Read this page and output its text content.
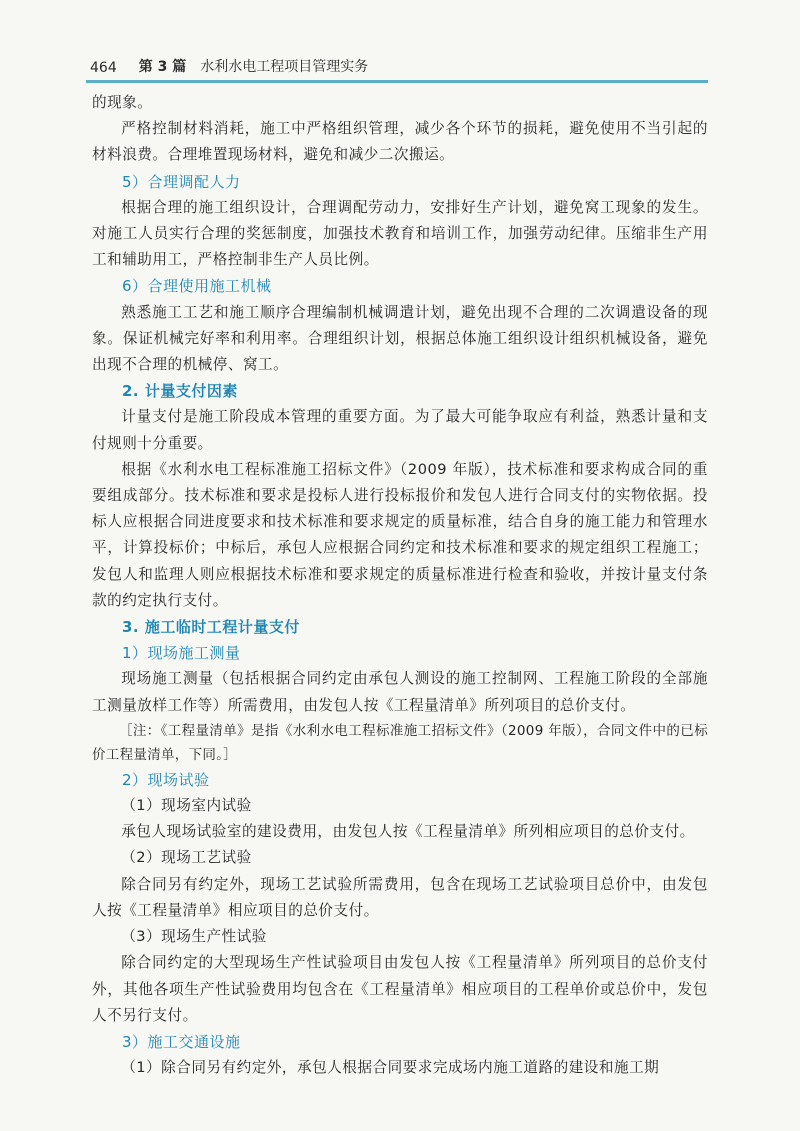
464 第 3 篇 水利水电工程项目管理实务

的现象。

严格控制材料消耗，施工中严格组织管理，减少各个环节的损耗，避免使用不当引起的材料浪费。合理堆置现场材料，避免和减少二次搬运。

5）合理调配人力

根据合理的施工组织设计，合理调配劳动力，安排好生产计划，避免窝工现象的发生。对施工人员实行合理的奖惩制度，加强技术教育和培训工作，加强劳动纪律。压缩非生产用工和辅助用工，严格控制非生产人员比例。

6）合理使用施工机械

熟悉施工工艺和施工顺序合理编制机械调遣计划，避免出现不合理的二次调遣设备的现象。保证机械完好率和利用率。合理组织计划，根据总体施工组织设计组织机械设备，避免出现不合理的机械停、窝工。

2. 计量支付因素

计量支付是施工阶段成本管理的重要方面。为了最大可能争取应有利益，熟悉计量和支付规则十分重要。

根据《水利水电工程标准施工招标文件》（2009 年版），技术标准和要求构成合同的重要组成部分。技术标准和要求是投标人进行投标报价和发包人进行合同支付的实物依据。投标人应根据合同进度要求和技术标准和要求规定的质量标准，结合自身的施工能力和管理水平，计算投标价；中标后，承包人应根据合同约定和技术标准和要求的规定组织工程施工；发包人和监理人则应根据技术标准和要求规定的质量标准进行检查和验收，并按计量支付条款的约定执行支付。

3. 施工临时工程计量支付

1）现场施工测量

现场施工测量（包括根据合同约定由承包人测设的施工控制网、工程施工阶段的全部施工测量放样工作等）所需费用，由发包人按《工程量清单》所列项目的总价支付。

［注：《工程量清单》是指《水利水电工程标准施工招标文件》（2009 年版），合同文件中的已标价工程量清单，下同。］

2）现场试验

（1）现场室内试验

承包人现场试验室的建设费用，由发包人按《工程量清单》所列相应项目的总价支付。

（2）现场工艺试验

除合同另有约定外，现场工艺试验所需费用，包含在现场工艺试验项目总价中，由发包人按《工程量清单》相应项目的总价支付。

（3）现场生产性试验

除合同约定的大型现场生产性试验项目由发包人按《工程量清单》所列项目的总价支付外，其他各项生产性试验费用均包含在《工程量清单》相应项目的工程单价或总价中，发包人不另行支付。

3）施工交通设施

（1）除合同另有约定外，承包人根据合同要求完成场内施工道路的建设和施工期
